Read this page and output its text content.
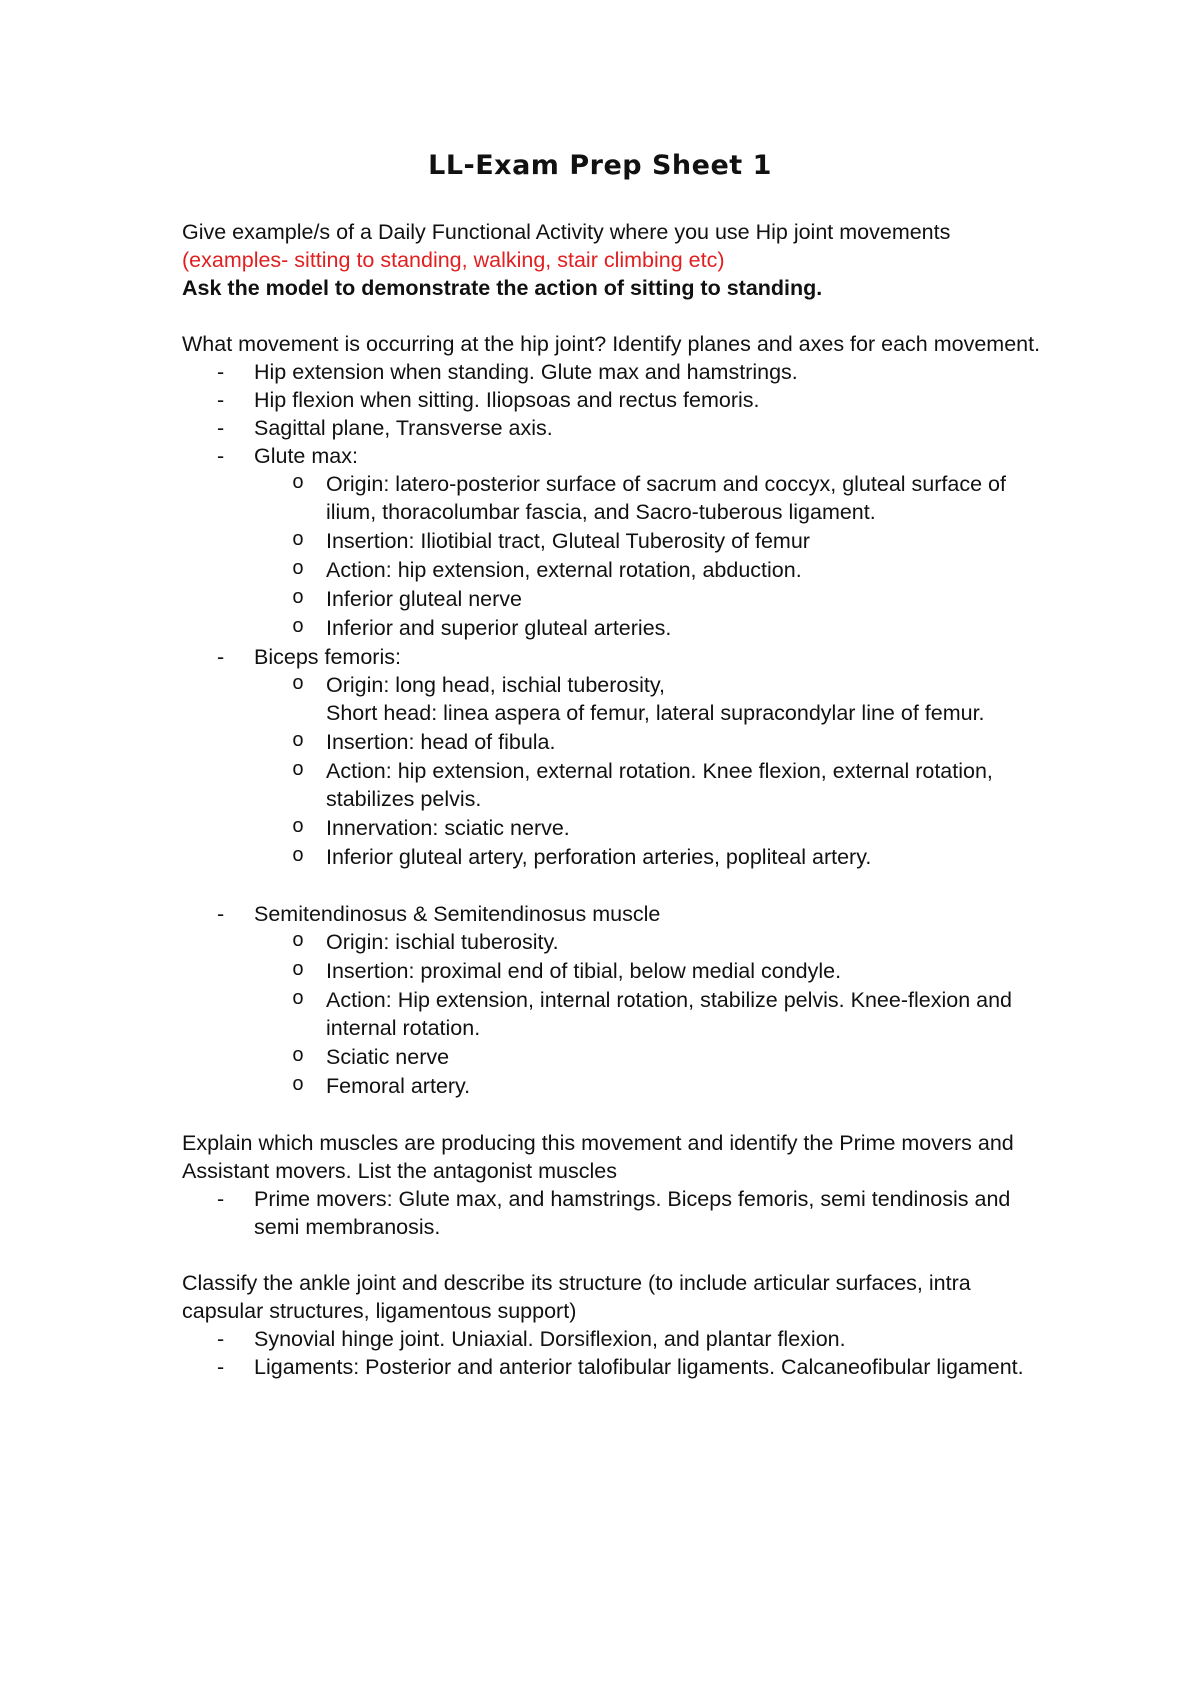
LL-Exam Prep Sheet 1

Give example/s of a Daily Functional Activity where you use Hip joint movements (examples- sitting to standing, walking, stair climbing etc)

Ask the model to demonstrate the action of sitting to standing.

What movement is occurring at the hip joint? Identify planes and axes for each movement.

- Hip extension when standing. Glute max and hamstrings.
- Hip flexion when sitting. Iliopsoas and rectus femoris.
- Sagittal plane, Transverse axis.
- Glute max:
o Origin: latero-posterior surface of sacrum and coccyx, gluteal surface of ilium, thoracolumbar fascia, and Sacro-tuberous ligament.
o Insertion: Iliotibial tract, Gluteal Tuberosity of femur
o Action: hip extension, external rotation, abduction.
o Inferior gluteal nerve
o Inferior and superior gluteal arteries.
- Biceps femoris:
o Origin: long head, ischial tuberosity,
Short head: linea aspera of femur, lateral supracondylar line of femur.
o Insertion: head of fibula.
o Action: hip extension, external rotation. Knee flexion, external rotation, stabilizes pelvis.
o Innervation: sciatic nerve.
o Inferior gluteal artery, perforation arteries, popliteal artery.
- Semitendinosus & Semitendinosus muscle
o Origin: ischial tuberosity.
o Insertion: proximal end of tibial, below medial condyle.
o Action: Hip extension, internal rotation, stabilize pelvis. Knee-flexion and internal rotation.
o Sciatic nerve
o Femoral artery.

Explain which muscles are producing this movement and identify the Prime movers and Assistant movers. List the antagonist muscles

- Prime movers: Glute max, and hamstrings. Biceps femoris, semi tendinosis and semi membranosis.

Classify the ankle joint and describe its structure (to include articular surfaces, intra capsular structures, ligamentous support)

- Synovial hinge joint. Uniaxial. Dorsiflexion, and plantar flexion.
- Ligaments: Posterior and anterior talofibular ligaments. Calcaneofibular ligament.
